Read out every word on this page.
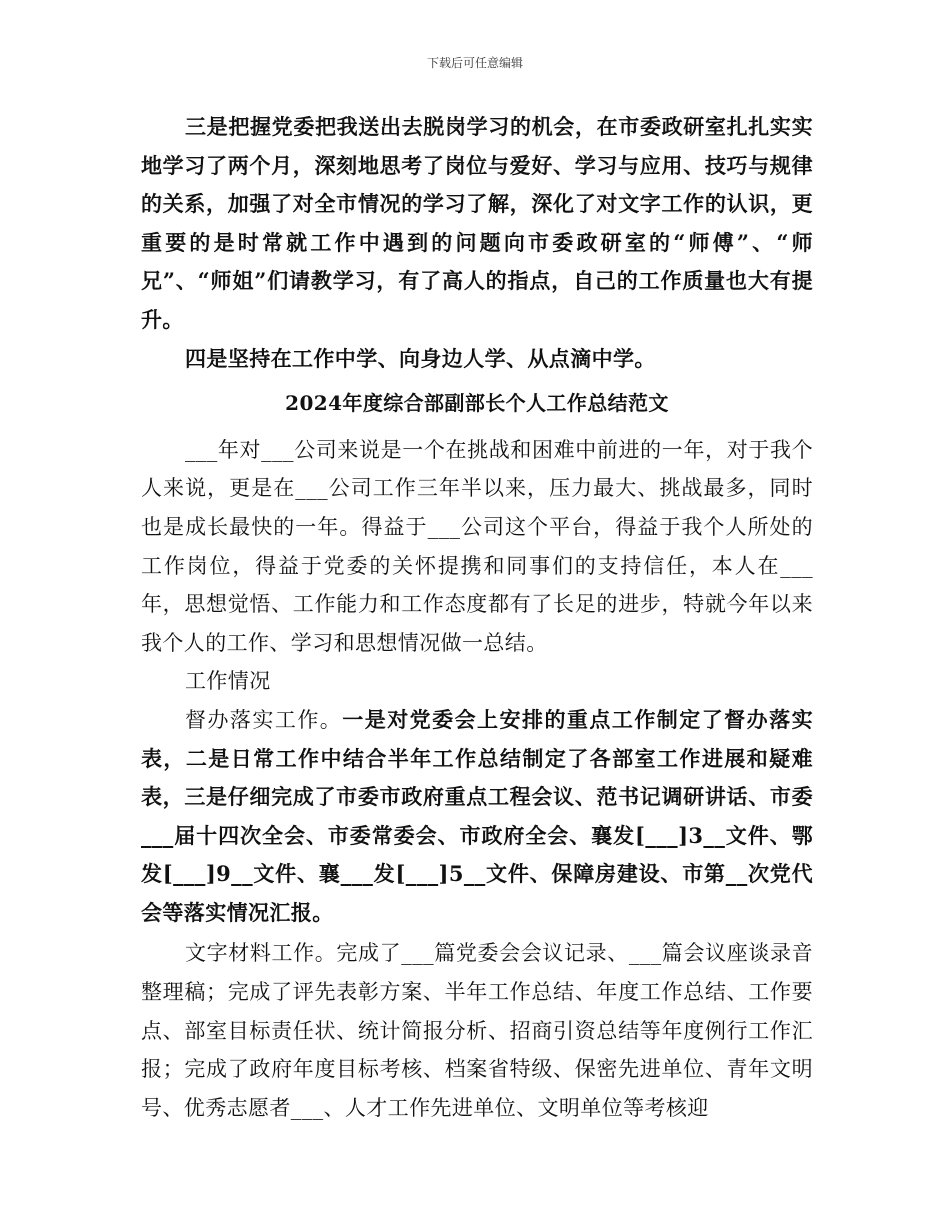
下载后可任意编辑

三是把握党委把我送出去脱岗学习的机会，在市委政研室扎扎实实地学习了两个月，深刻地思考了岗位与爱好、学习与应用、技巧与规律的关系，加强了对全市情况的学习了解，深化了对文字工作的认识，更重要的是时常就工作中遇到的问题向市委政研室的“师傅”、“师兄”、“师姐”们请教学习，有了高人的指点，自己的工作质量也大有提升。

四是坚持在工作中学、向身边人学、从点滴中学。

2024年度综合部副部长个人工作总结范文

___年对___公司来说是一个在挑战和困难中前进的一年，对于我个人来说，更是在___公司工作三年半以来，压力最大、挑战最多，同时也是成长最快的一年。得益于___公司这个平台，得益于我个人所处的工作岗位，得益于党委的关怀提携和同事们的支持信任，本人在___年，思想觉悟、工作能力和工作态度都有了长足的进步，特就今年以来我个人的工作、学习和思想情况做一总结。

工作情况

督办落实工作。一是对党委会上安排的重点工作制定了督办落实表，二是日常工作中结合半年工作总结制定了各部室工作进展和疑难表，三是仔细完成了市委市政府重点工程会议、范书记调研讲话、市委___届十四次全会、市委常委会、市政府全会、襄发[___]3__文件、鄂发[___]9__文件、襄___发[___]5__文件、保障房建设、市第__次党代会等落实情况汇报。

文字材料工作。完成了___篇党委会会议记录、___篇会议座谈录音整理稿；完成了评先表彰方案、半年工作总结、年度工作总结、工作要点、部室目标责任状、统计简报分析、招商引资总结等年度例行工作汇报；完成了政府年度目标考核、档案省特级、保密先进单位、青年文明号、优秀志愿者___、人才工作先进单位、文明单位等考核迎
